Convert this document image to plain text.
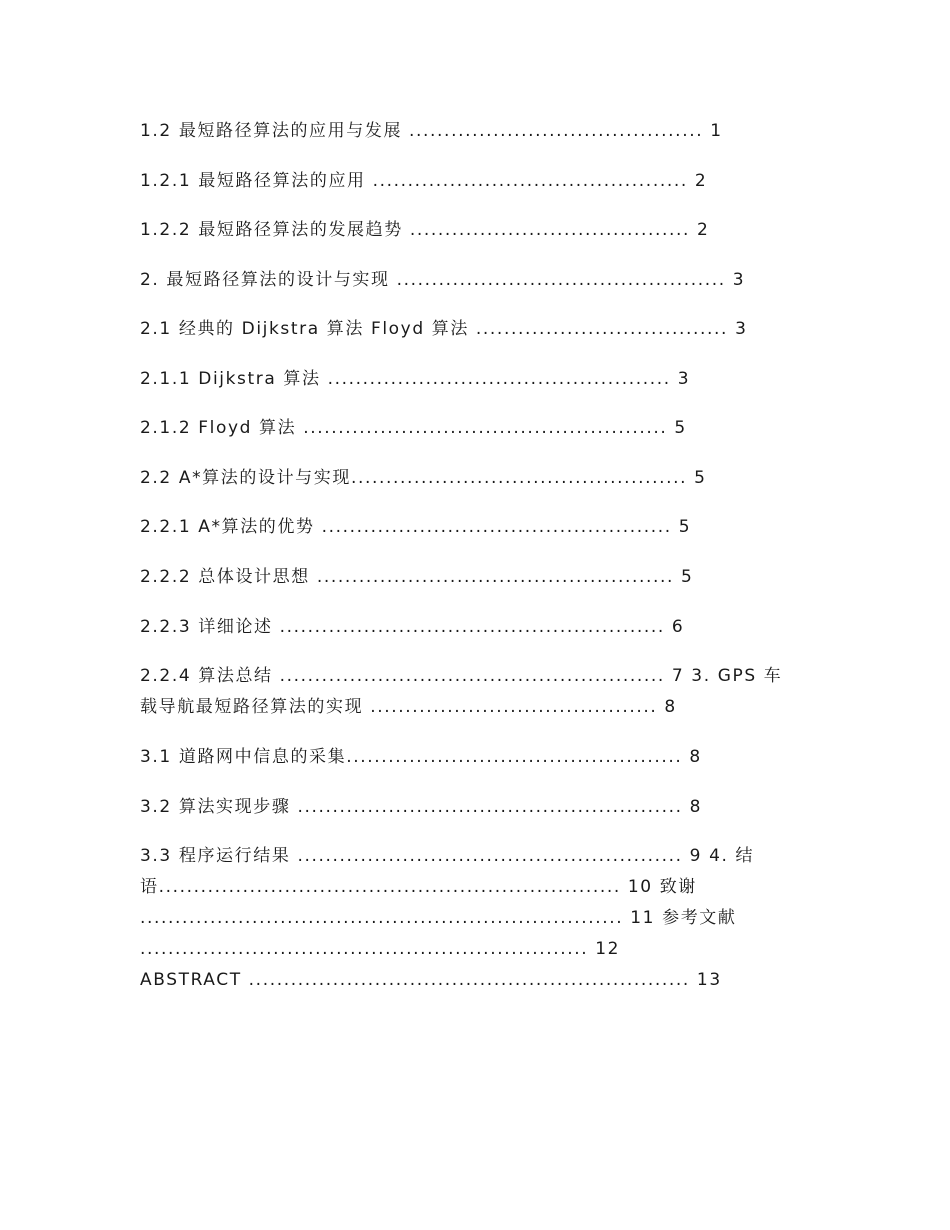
1.2 最短路径算法的应用与发展 .......................................... 1
1.2.1 最短路径算法的应用 ............................................. 2
1.2.2 最短路径算法的发展趋势 ........................................ 2
2. 最短路径算法的设计与实现 ............................................... 3
2.1 经典的 Dijkstra 算法 Floyd 算法 .................................... 3
2.1.1 Dijkstra 算法 ................................................. 3
2.1.2 Floyd 算法 .................................................... 5
2.2 A*算法的设计与实现................................................ 5
2.2.1 A*算法的优势 .................................................. 5
2.2.2 总体设计思想 ................................................... 5
2.2.3 详细论述 ....................................................... 6
2.2.4 算法总结 ....................................................... 7 3. GPS 车
载导航最短路径算法的实现 ......................................... 8
3.1 道路网中信息的采集................................................ 8
3.2 算法实现步骤 ....................................................... 8
3.3 程序运行结果 ....................................................... 9 4. 结
语.................................................................. 10 致谢
..................................................................... 11 参考文献
................................................................ 12
ABSTRACT ............................................................... 13
